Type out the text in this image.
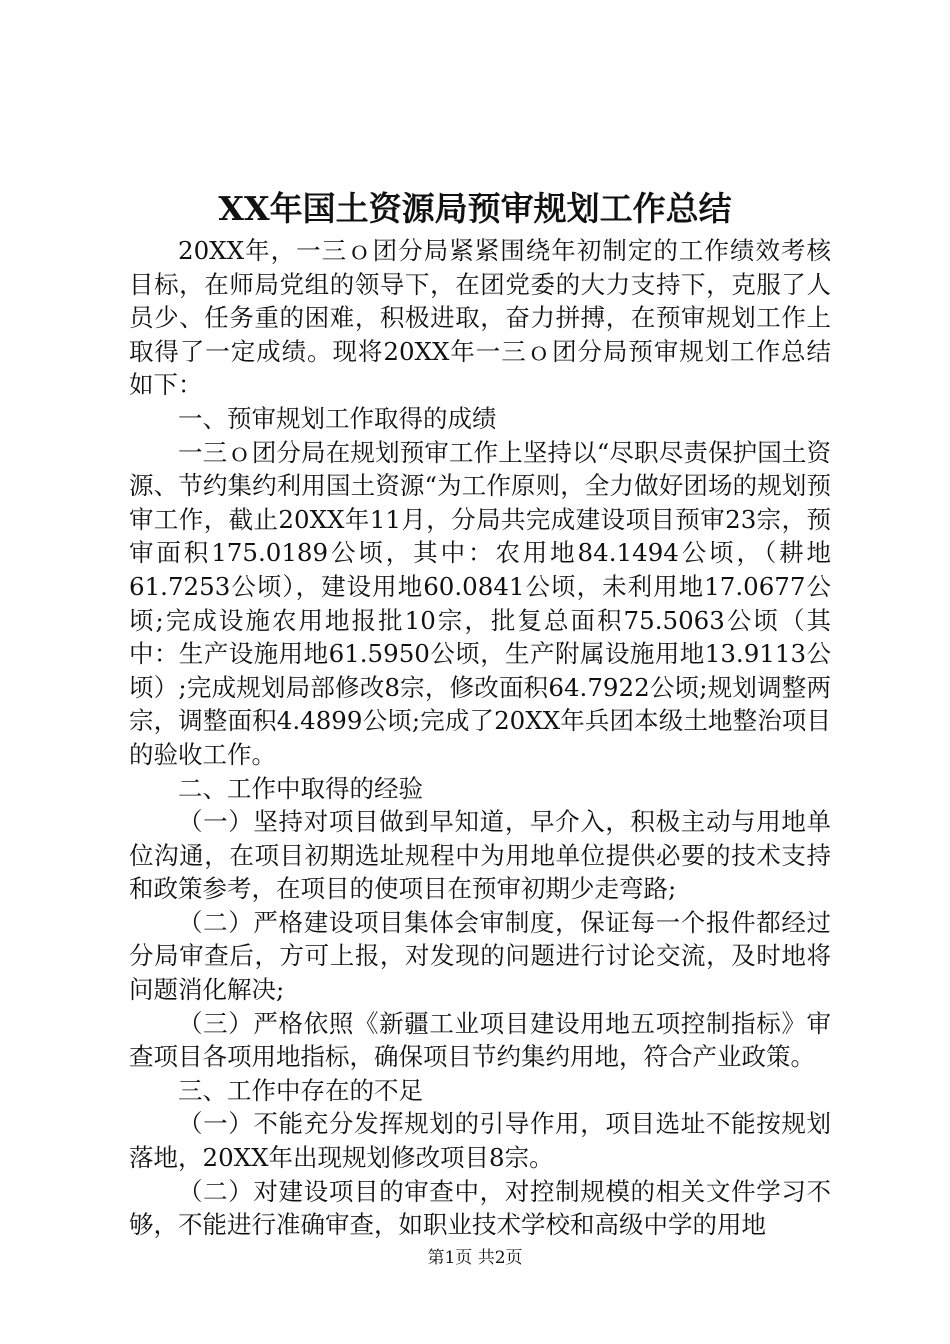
XX年国土资源局预审规划工作总结

20XX年，一三ｏ团分局紧紧围绕年初制定的工作绩效考核目标，在师局党组的领导下，在团党委的大力支持下，克服了人员少、任务重的困难，积极进取，奋力拼搏，在预审规划工作上取得了一定成绩。现将20XX年一三ｏ团分局预审规划工作总结如下：

一、预审规划工作取得的成绩

一三ｏ团分局在规划预审工作上坚持以“尽职尽责保护国土资源、节约集约利用国土资源“为工作原则，全力做好团场的规划预审工作，截止20XX年11月，分局共完成建设项目预审23宗，预审面积175.0189公顷，其中：农用地84.1494公顷，（耕地61.7253公顷），建设用地60.0841公顷，未利用地17.0677公顷;完成设施农用地报批10宗，批复总面积75.5063公顷（其中：生产设施用地61.5950公顷，生产附属设施用地13.9113公顷）;完成规划局部修改8宗，修改面积64.7922公顷;规划调整两宗，调整面积4.4899公顷;完成了20XX年兵团本级土地整治项目的验收工作。

二、工作中取得的经验

（一）坚持对项目做到早知道，早介入，积极主动与用地单位沟通，在项目初期选址规程中为用地单位提供必要的技术支持和政策参考，在项目的使项目在预审初期少走弯路;

（二）严格建设项目集体会审制度，保证每一个报件都经过分局审查后，方可上报，对发现的问题进行讨论交流，及时地将问题消化解决;

（三）严格依照《新疆工业项目建设用地五项控制指标》审查项目各项用地指标，确保项目节约集约用地，符合产业政策。

三、工作中存在的不足

（一）不能充分发挥规划的引导作用，项目选址不能按规划落地，20XX年出现规划修改项目8宗。

（二）对建设项目的审查中，对控制规模的相关文件学习不够，不能进行准确审查，如职业技术学校和高级中学的用地

第1页 共2页
